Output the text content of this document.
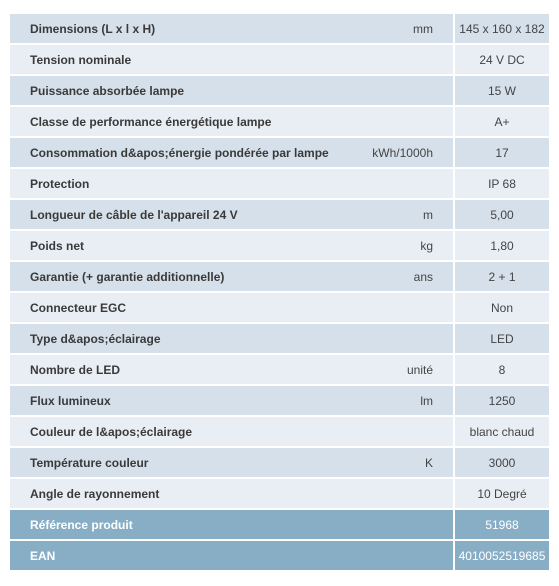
Dimensions (L x l x H)	mm	145 x 160 x 182
Tension nominale		24 V DC
Puissance absorbée lampe		15 W
Classe de performance énergétique lampe		A+
Consommation d&apos;énergie pondérée par lampe	kWh/1000h	17
Protection		IP 68
Longueur de câble de l'appareil 24 V	m	5,00
Poids net	kg	1,80
Garantie (+ garantie additionnelle)	ans	2 + 1
Connecteur EGC		Non
Type d&apos;éclairage		LED
Nombre de LED	unité	8
Flux lumineux	lm	1250
Couleur de l&apos;éclairage		blanc chaud
Température couleur	K	3000
Angle de rayonnement		10 Degré
Référence produit		51968
EAN		4010052519685
